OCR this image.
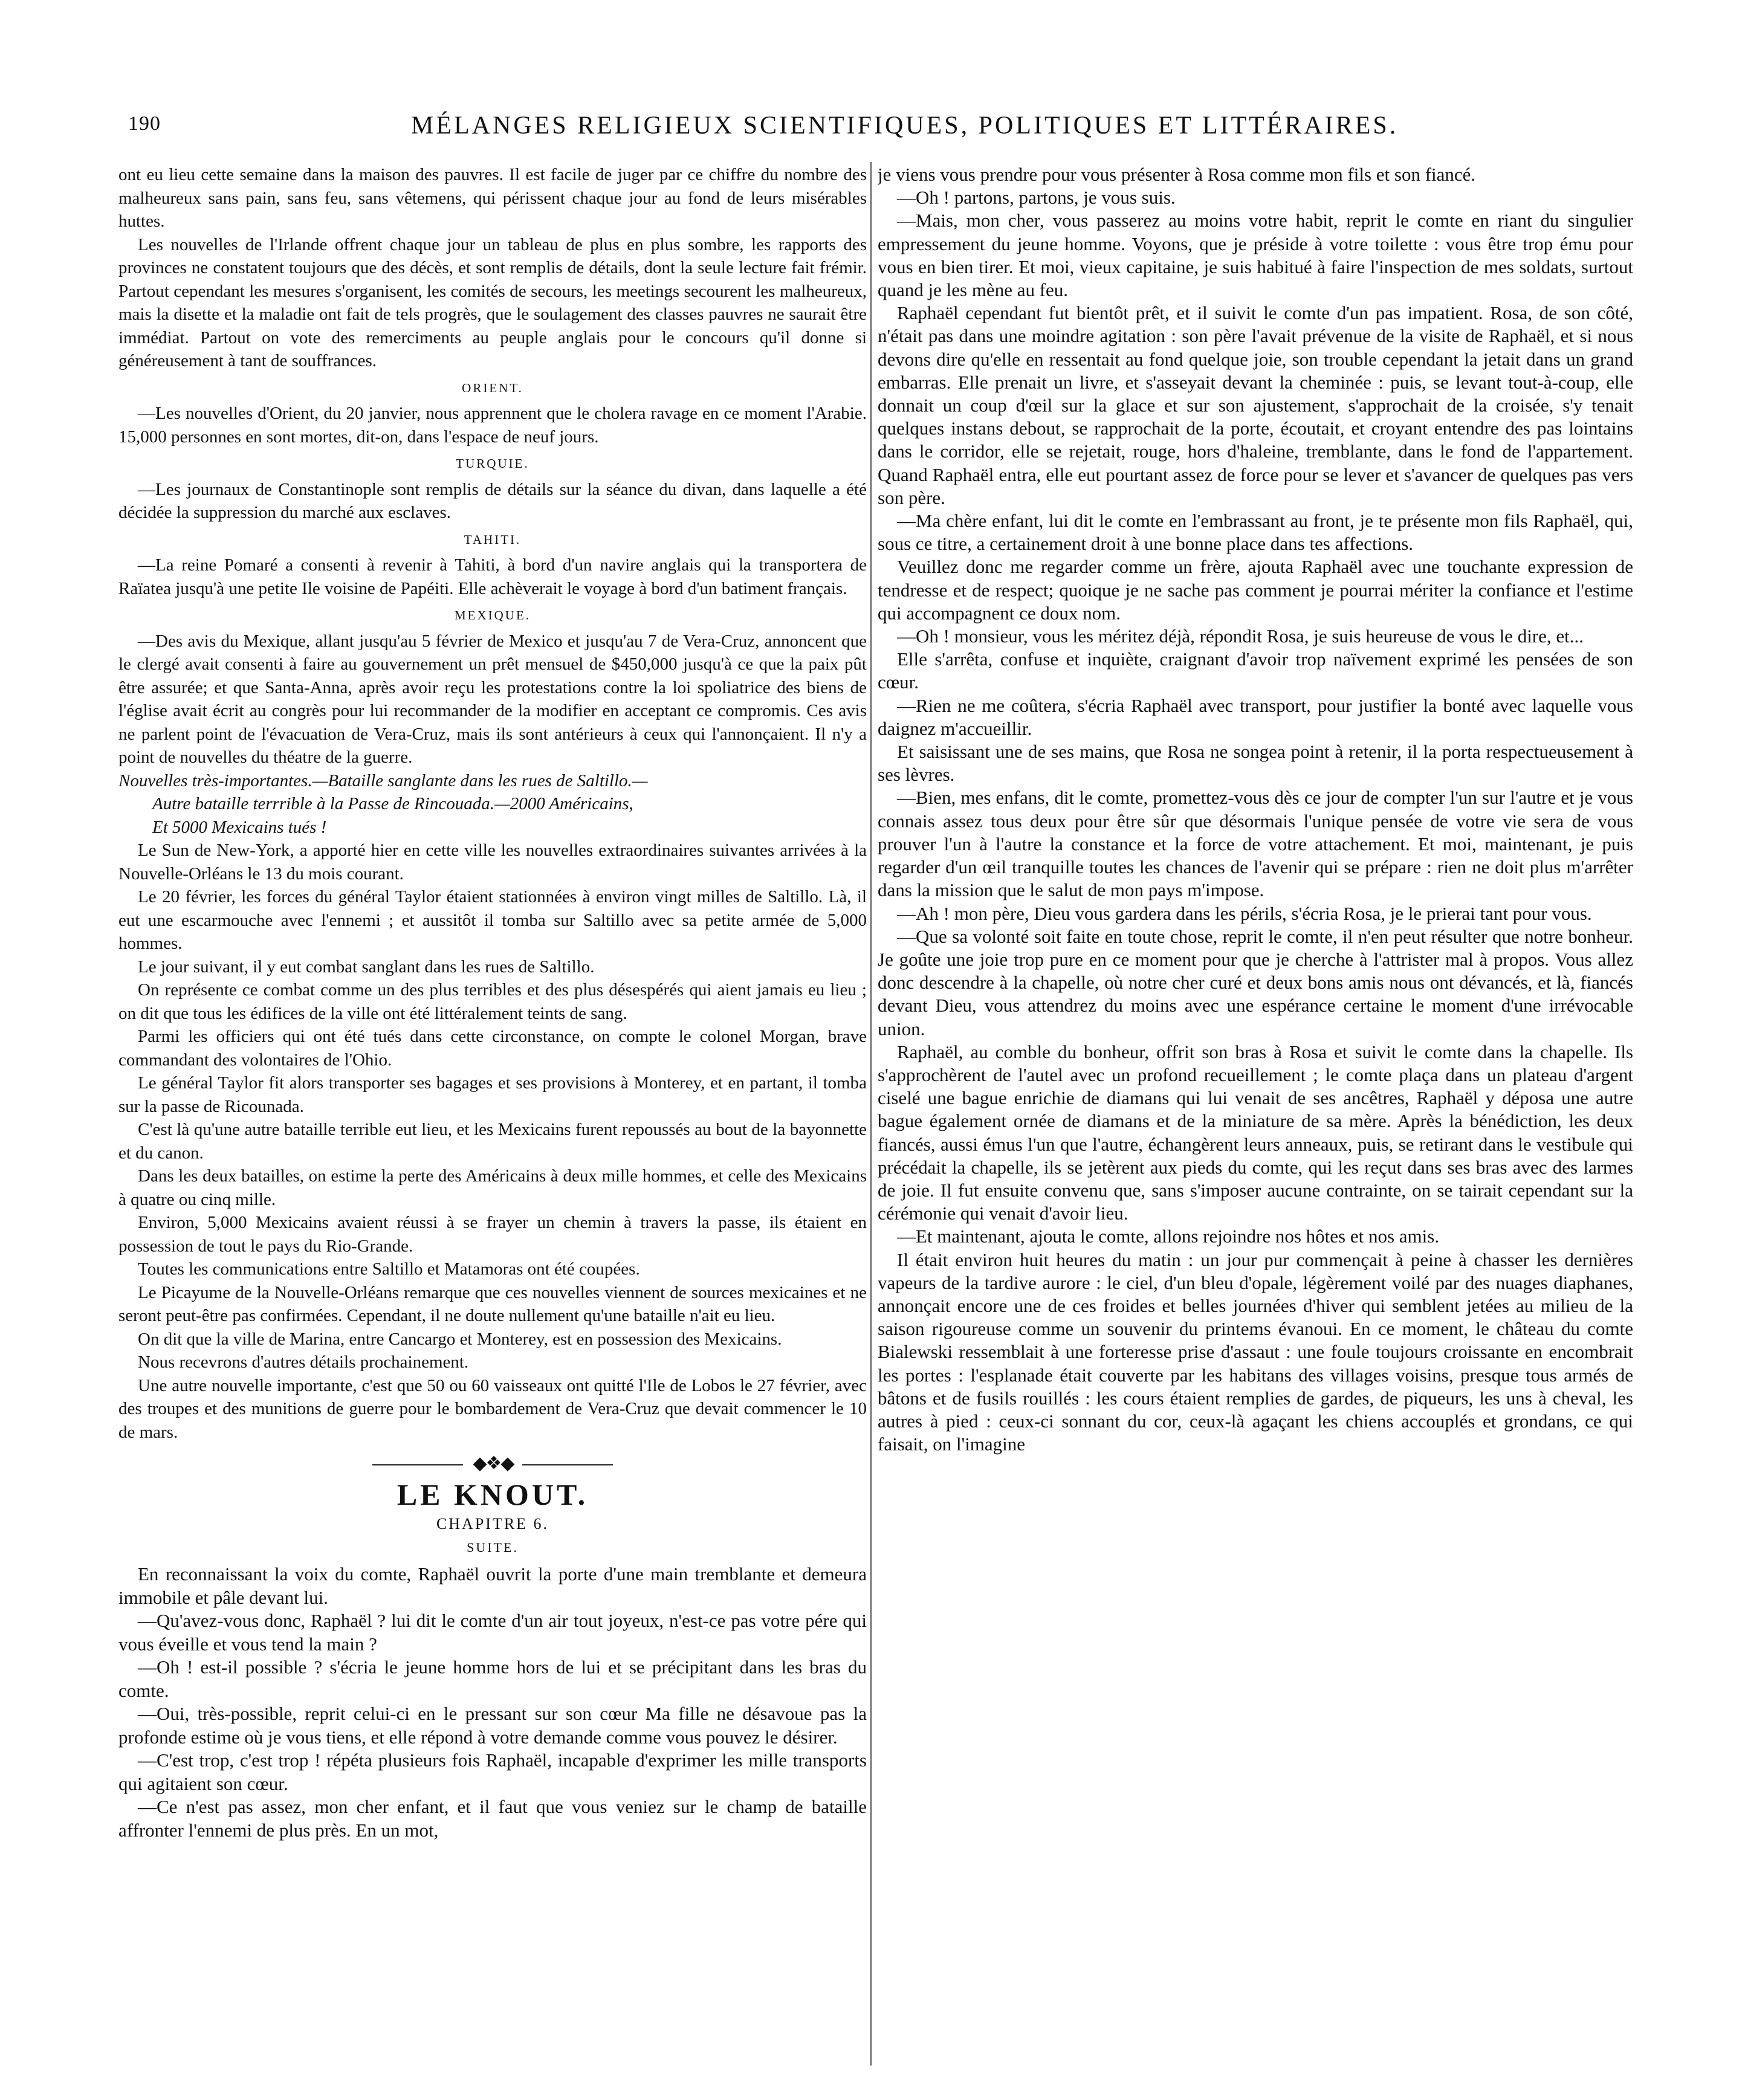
190	MÉLANGES RELIGIEUX SCIENTIFIQUES, POLITIQUES ET LITTÉRAIRES.

ont eu lieu cette semaine dans la maison des pauvres. Il est facile de juger par ce chiffre du nombre des malheureux sans pain, sans feu, sans vêtemens, qui périssent chaque jour au fond de leurs misérables huttes.

Les nouvelles de l'Irlande offrent chaque jour un tableau de plus en plus sombre, les rapports des provinces ne constatent toujours que des décès, et sont remplis de détails, dont la seule lecture fait frémir. Partout cependant les mesures s'organisent, les comités de secours, les meetings secourent les malheureux, mais la disette et la maladie ont fait de tels progrès, que le soulagement des classes pauvres ne saurait être immédiat. Partout on vote des remerciments au peuple anglais pour le concours qu'il donne si généreusement à tant de souffrances.

ORIENT.

—Les nouvelles d'Orient, du 20 janvier, nous apprennent que le cholera ravage en ce moment l'Arabie. 15,000 personnes en sont mortes, dit-on, dans l'espace de neuf jours.

TURQUIE.

—Les journaux de Constantinople sont remplis de détails sur la séance du divan, dans laquelle a été décidée la suppression du marché aux esclaves.

TAHITI.

—La reine Pomaré a consenti à revenir à Tahiti, à bord d'un navire anglais qui la transportera de Raïatea jusqu'à une petite Ile voisine de Papéiti. Elle achèverait le voyage à bord d'un batiment français.

MEXIQUE.

—Des avis du Mexique, allant jusqu'au 5 février de Mexico et jusqu'au 7 de Vera-Cruz, annoncent que le clergé avait consenti à faire au gouvernement un prêt mensuel de $450,000 jusqu'à ce que la paix pût être assurée; et que Santa-Anna, après avoir reçu les protestations contre la loi spoliatrice des biens de l'église avait écrit au congrès pour lui recommander de la modifier en acceptant ce compromis. Ces avis ne parlent point de l'évacuation de Vera-Cruz, mais ils sont antérieurs à ceux qui l'annonçaient. Il n'y a point de nouvelles du théatre de la guerre.

Nouvelles très-importantes.—Bataille sanglante dans les rues de Saltillo.—
Autre bataille terrrible à la Passe de Rincouada.—2000 Américains,
Et 5000 Mexicains tués !

Le Sun de New-York, a apporté hier en cette ville les nouvelles extraordinaires suivantes arrivées à la Nouvelle-Orléans le 13 du mois courant.

Le 20 février, les forces du général Taylor étaient stationnées à environ vingt milles de Saltillo. Là, il eut une escarmouche avec l'ennemi ; et aussitôt il tomba sur Saltillo avec sa petite armée de 5,000 hommes.

Le jour suivant, il y eut combat sanglant dans les rues de Saltillo.

On représente ce combat comme un des plus terribles et des plus désespérés qui aient jamais eu lieu ; on dit que tous les édifices de la ville ont été littéralement teints de sang.

Parmi les officiers qui ont été tués dans cette circonstance, on compte le colonel Morgan, brave commandant des volontaires de l'Ohio.

Le général Taylor fit alors transporter ses bagages et ses provisions à Monterey, et en partant, il tomba sur la passe de Ricounada.

C'est là qu'une autre bataille terrible eut lieu, et les Mexicains furent repoussés au bout de la bayonnette et du canon.

Dans les deux batailles, on estime la perte des Américains à deux mille hommes, et celle des Mexicains à quatre ou cinq mille.

Environ, 5,000 Mexicains avaient réussi à se frayer un chemin à travers la passe, ils étaient en possession de tout le pays du Rio-Grande.

Toutes les communications entre Saltillo et Matamoras ont été coupées.

Le Picayume de la Nouvelle-Orléans remarque que ces nouvelles viennent de sources mexicaines et ne seront peut-être pas confirmées. Cependant, il ne doute nullement qu'une bataille n'ait eu lieu.

On dit que la ville de Marina, entre Cancargo et Monterey, est en possession des Mexicains.

Nous recevrons d'autres détails prochainement.

Une autre nouvelle importante, c'est que 50 ou 60 vaisseaux ont quitté l'Ile de Lobos le 27 février, avec des troupes et des munitions de guerre pour le bombardement de Vera-Cruz que devait commencer le 10 de mars.

◆❖◆
LE KNOUT.
CHAPITRE 6.
SUITE.

En reconnaissant la voix du comte, Raphaël ouvrit la porte d'une main tremblante et demeura immobile et pâle devant lui.

—Qu'avez-vous donc, Raphaël ? lui dit le comte d'un air tout joyeux, n'est-ce pas votre pére qui vous éveille et vous tend la main ?

—Oh ! est-il possible ? s'écria le jeune homme hors de lui et se précipitant dans les bras du comte.

—Oui, très-possible, reprit celui-ci en le pressant sur son cœur Ma fille ne désavoue pas la profonde estime où je vous tiens, et elle répond à votre demande comme vous pouvez le désirer.

—C'est trop, c'est trop ! répéta plusieurs fois Raphaël, incapable d'exprimer les mille transports qui agitaient son cœur.

—Ce n'est pas assez, mon cher enfant, et il faut que vous veniez sur le champ de bataille affronter l'ennemi de plus près. En un mot,

je viens vous prendre pour vous présenter à Rosa comme mon fils et son fiancé.

—Oh ! partons, partons, je vous suis.

—Mais, mon cher, vous passerez au moins votre habit, reprit le comte en riant du singulier empressement du jeune homme. Voyons, que je préside à votre toilette : vous être trop ému pour vous en bien tirer. Et moi, vieux capitaine, je suis habitué à faire l'inspection de mes soldats, surtout quand je les mène au feu.

Raphaël cependant fut bientôt prêt, et il suivit le comte d'un pas impatient. Rosa, de son côté, n'était pas dans une moindre agitation : son père l'avait prévenue de la visite de Raphaël, et si nous devons dire qu'elle en ressentait au fond quelque joie, son trouble cependant la jetait dans un grand embarras. Elle prenait un livre, et s'asseyait devant la cheminée : puis, se levant tout-à-coup, elle donnait un coup d'œil sur la glace et sur son ajustement, s'approchait de la croisée, s'y tenait quelques instans debout, se rapprochait de la porte, écoutait, et croyant entendre des pas lointains dans le corridor, elle se rejetait, rouge, hors d'haleine, tremblante, dans le fond de l'appartement. Quand Raphaël entra, elle eut pourtant assez de force pour se lever et s'avancer de quelques pas vers son père.

—Ma chère enfant, lui dit le comte en l'embrassant au front, je te présente mon fils Raphaël, qui, sous ce titre, a certainement droit à une bonne place dans tes affections.

Veuillez donc me regarder comme un frère, ajouta Raphaël avec une touchante expression de tendresse et de respect; quoique je ne sache pas comment je pourrai mériter la confiance et l'estime qui accompagnent ce doux nom.

—Oh ! monsieur, vous les méritez déjà, répondit Rosa, je suis heureuse de vous le dire, et...

Elle s'arrêta, confuse et inquiète, craignant d'avoir trop naïvement exprimé les pensées de son cœur.

—Rien ne me coûtera, s'écria Raphaël avec transport, pour justifier la bonté avec laquelle vous daignez m'accueillir.

Et saisissant une de ses mains, que Rosa ne songea point à retenir, il la porta respectueusement à ses lèvres.

—Bien, mes enfans, dit le comte, promettez-vous dès ce jour de compter l'un sur l'autre et je vous connais assez tous deux pour être sûr que désormais l'unique pensée de votre vie sera de vous prouver l'un à l'autre la constance et la force de votre attachement. Et moi, maintenant, je puis regarder d'un œil tranquille toutes les chances de l'avenir qui se prépare : rien ne doit plus m'arrêter dans la mission que le salut de mon pays m'impose.

—Ah ! mon père, Dieu vous gardera dans les périls, s'écria Rosa, je le prierai tant pour vous.

—Que sa volonté soit faite en toute chose, reprit le comte, il n'en peut résulter que notre bonheur. Je goûte une joie trop pure en ce moment pour que je cherche à l'attrister mal à propos. Vous allez donc descendre à la chapelle, où notre cher curé et deux bons amis nous ont dévancés, et là, fiancés devant Dieu, vous attendrez du moins avec une espérance certaine le moment d'une irrévocable union.

Raphaël, au comble du bonheur, offrit son bras à Rosa et suivit le comte dans la chapelle. Ils s'approchèrent de l'autel avec un profond recueillement ; le comte plaça dans un plateau d'argent ciselé une bague enrichie de diamans qui lui venait de ses ancêtres, Raphaël y déposa une autre bague également ornée de diamans et de la miniature de sa mère. Après la bénédiction, les deux fiancés, aussi émus l'un que l'autre, échangèrent leurs anneaux, puis, se retirant dans le vestibule qui précédait la chapelle, ils se jetèrent aux pieds du comte, qui les reçut dans ses bras avec des larmes de joie. Il fut ensuite convenu que, sans s'imposer aucune contrainte, on se tairait cependant sur la cérémonie qui venait d'avoir lieu.

—Et maintenant, ajouta le comte, allons rejoindre nos hôtes et nos amis.

Il était environ huit heures du matin : un jour pur commençait à peine à chasser les dernières vapeurs de la tardive aurore : le ciel, d'un bleu d'opale, légèrement voilé par des nuages diaphanes, annonçait encore une de ces froides et belles journées d'hiver qui semblent jetées au milieu de la saison rigoureuse comme un souvenir du printems évanoui. En ce moment, le château du comte Bialewski ressemblait à une forteresse prise d'assaut : une foule toujours croissante en encombrait les portes : l'esplanade était couverte par les habitans des villages voisins, presque tous armés de bâtons et de fusils rouillés : les cours étaient remplies de gardes, de piqueurs, les uns à cheval, les autres à pied : ceux-ci sonnant du cor, ceux-là agaçant les chiens accouplés et grondans, ce qui faisait, on l'imagine
